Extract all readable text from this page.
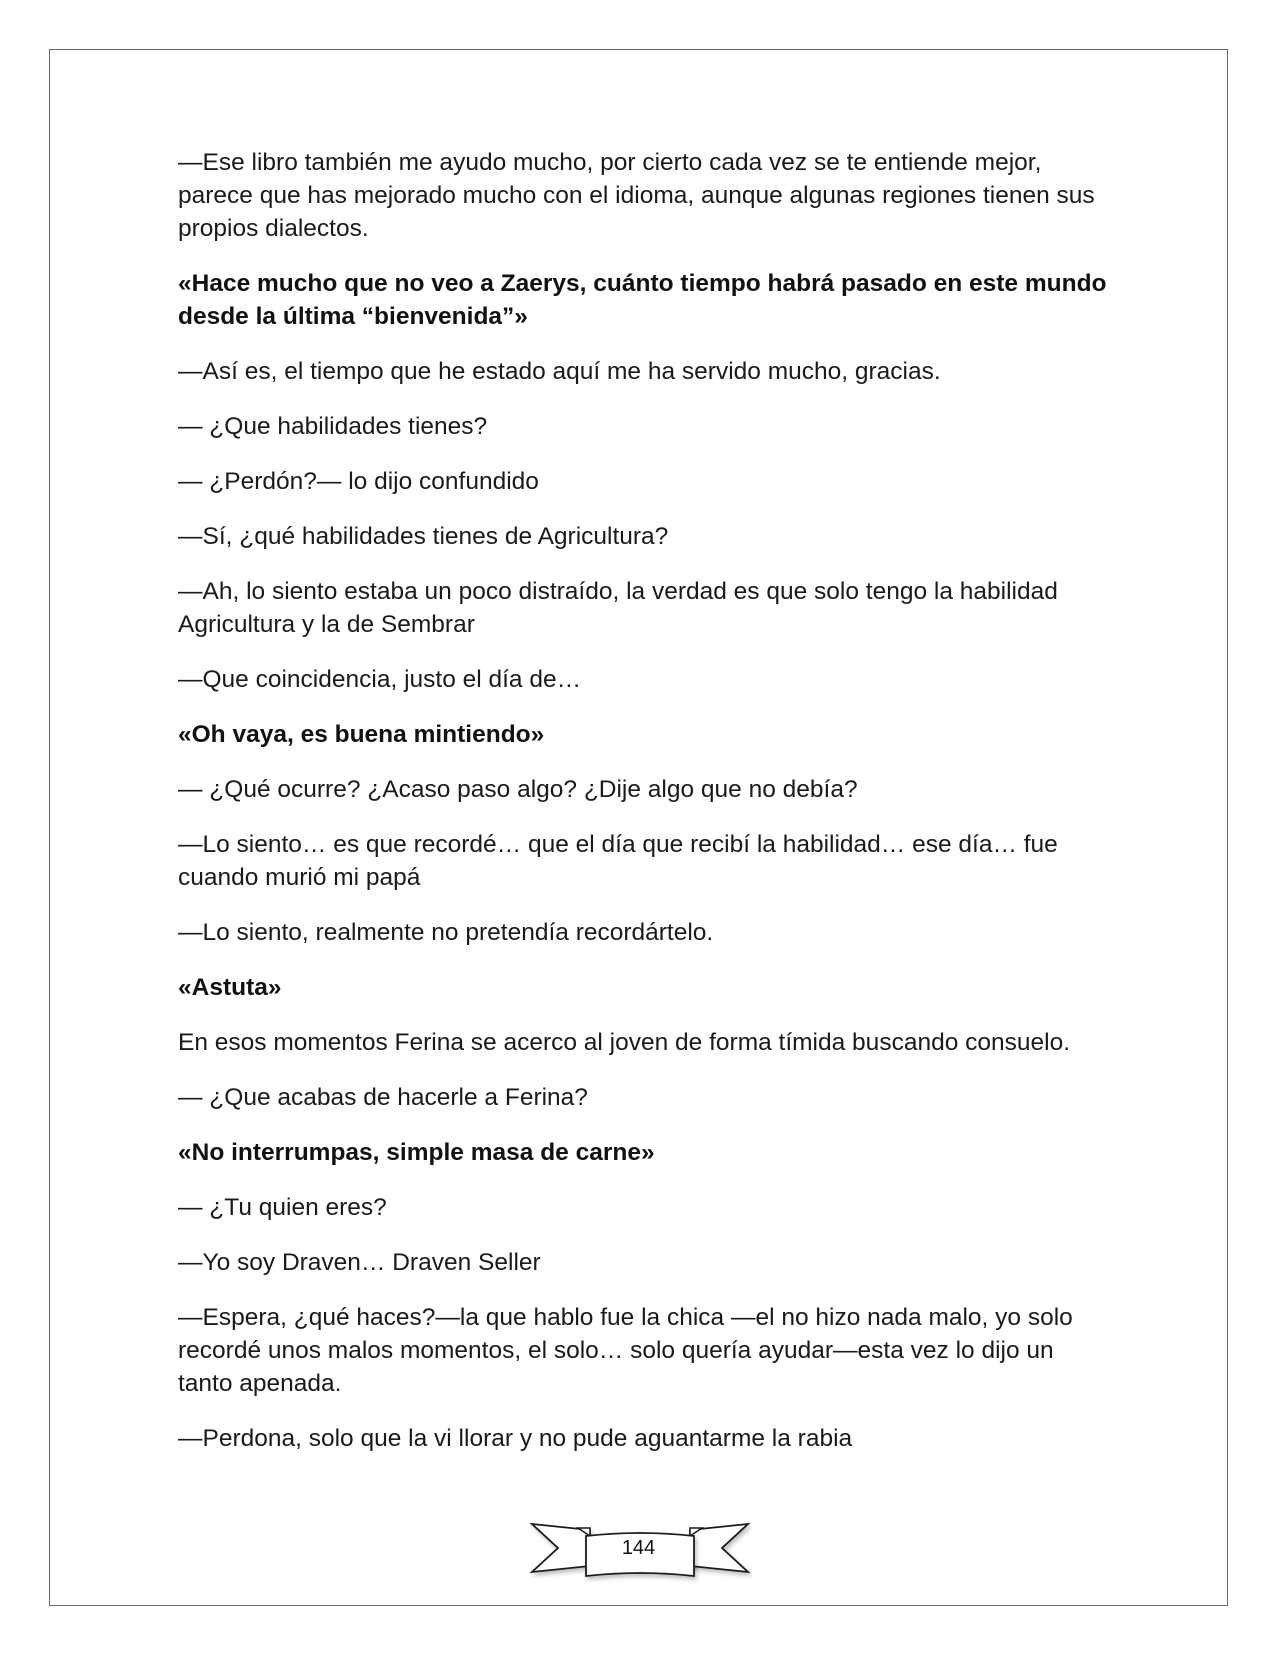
—Ese libro también me ayudo mucho, por cierto cada vez se te entiende mejor, parece que has mejorado mucho con el idioma, aunque algunas regiones tienen sus propios dialectos.

«Hace mucho que no veo a Zaerys, cuánto tiempo habrá pasado en este mundo desde la última “bienvenida”»

—Así es, el tiempo que he estado aquí me ha servido mucho, gracias.

— ¿Que habilidades tienes?

— ¿Perdón?— lo dijo confundido

—Sí, ¿qué habilidades tienes de Agricultura?

—Ah, lo siento estaba un poco distraído, la verdad es que solo tengo la habilidad Agricultura y la de Sembrar

—Que coincidencia, justo el día de…

«Oh vaya, es buena mintiendo»

— ¿Qué ocurre? ¿Acaso paso algo? ¿Dije algo que no debía?

—Lo siento… es que recordé… que el día que recibí la habilidad… ese día… fue cuando murió mi papá

—Lo siento, realmente no pretendía recordártelo.

«Astuta»

En esos momentos Ferina se acerco al joven de forma tímida buscando consuelo.

— ¿Que acabas de hacerle a Ferina?

«No interrumpas, simple masa de carne»

— ¿Tu quien eres?

—Yo soy Draven… Draven Seller

—Espera, ¿qué haces?—la que hablo fue la chica —el no hizo nada malo, yo solo recordé unos malos momentos, el solo… solo quería ayudar—esta vez lo dijo un tanto apenada.

—Perdona, solo que la vi llorar y no pude aguantarme la rabia

144
